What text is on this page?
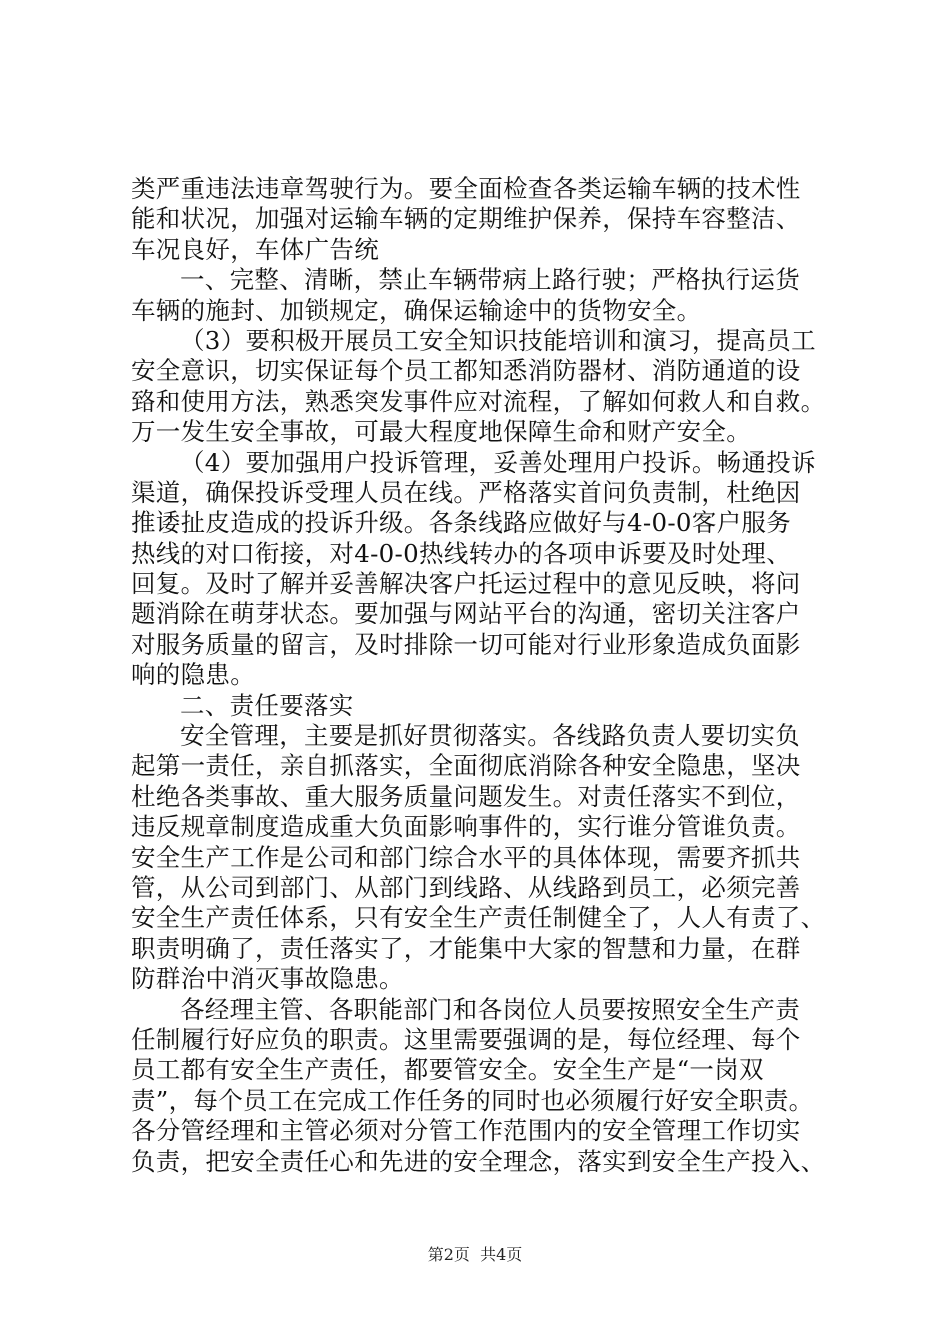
类严重违法违章驾驶行为。要全面检查各类运输车辆的技术性
能和状况，加强对运输车辆的定期维护保养，保持车容整洁、
车况良好，车体广告统
一、完整、清晰，禁止车辆带病上路行驶；严格执行运货
车辆的施封、加锁规定，确保运输途中的货物安全。
（3）要积极开展员工安全知识技能培训和演习，提高员工
安全意识，切实保证每个员工都知悉消防器材、消防通道的设
臵和使用方法，熟悉突发事件应对流程，了解如何救人和自救。
万一发生安全事故，可最大程度地保障生命和财产安全。
（4）要加强用户投诉管理，妥善处理用户投诉。畅通投诉
渠道，确保投诉受理人员在线。严格落实首问负责制，杜绝因
推诿扯皮造成的投诉升级。各条线路应做好与4-0-0客户服务
热线的对口衔接，对4-0-0热线转办的各项申诉要及时处理、
回复。及时了解并妥善解决客户托运过程中的意见反映，将问
题消除在萌芽状态。要加强与网站平台的沟通，密切关注客户
对服务质量的留言，及时排除一切可能对行业形象造成负面影
响的隐患。
二、责任要落实
安全管理，主要是抓好贯彻落实。各线路负责人要切实负
起第一责任，亲自抓落实，全面彻底消除各种安全隐患，坚决
杜绝各类事故、重大服务质量问题发生。对责任落实不到位，
违反规章制度造成重大负面影响事件的，实行谁分管谁负责。
安全生产工作是公司和部门综合水平的具体体现，需要齐抓共
管，从公司到部门、从部门到线路、从线路到员工，必须完善
安全生产责任体系，只有安全生产责任制健全了，人人有责了、
职责明确了，责任落实了，才能集中大家的智慧和力量，在群
防群治中消灭事故隐患。
各经理主管、各职能部门和各岗位人员要按照安全生产责
任制履行好应负的职责。这里需要强调的是，每位经理、每个
员工都有安全生产责任，都要管安全。安全生产是“一岗双
责”，每个员工在完成工作任务的同时也必须履行好安全职责。
各分管经理和主管必须对分管工作范围内的安全管理工作切实
负责，把安全责任心和先进的安全理念，落实到安全生产投入、
第2页  共4页
